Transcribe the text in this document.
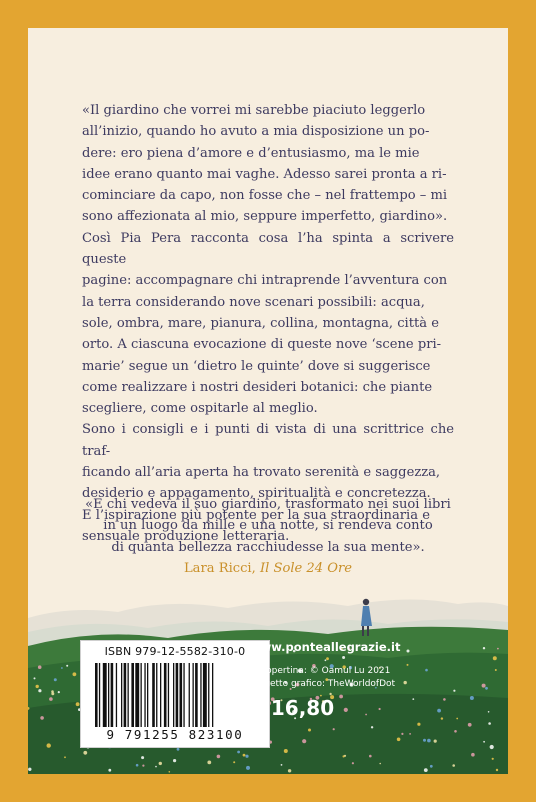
«Il giardino che vorrei mi sarebbe piaciuto leggerlo

all’inizio, quando ho avuto a mia disposizione un po-

dere: ero piena d’amore e d’entusiasmo, ma le mie

idee erano quanto mai vaghe. Adesso sarei pronta a ri-

cominciare da capo, non fosse che – nel frattempo – mi

sono affezionata al mio, seppure imperfetto, giardino».

Così Pia Pera racconta cosa l’ha spinta a scrivere queste

pagine: accompagnare chi intraprende l’avventura con

la terra considerando nove scenari possibili: acqua,

sole, ombra, mare, pianura, collina, montagna, città e

orto. A ciascuna evocazione di queste nove ‘scene pri-

marie’ segue un ‘dietro le quinte’ dove si suggerisce

come realizzare i nostri desideri botanici: che piante

scegliere, come ospitarle al meglio.

Sono i consigli e i punti di vista di una scrittrice che traf-

ficando all’aria aperta ha trovato serenità e saggezza,

desiderio e appagamento, spiritualità e concretezza.

E l’ispirazione più potente per la sua straordinaria e

sensuale produzione letteraria.

«E chi vedeva il suo giardino, trasformato nei suoi libri

in un luogo da mille e una notte, si rendeva conto

di quanta bellezza racchiudesse la sua mente».

Lara Ricci, Il Sole 24 Ore

ISBN 979-12-5582-310-0
9 791255 823100
www.ponteallegrazie.it
In copertina: © Oamul Lu 2021
Progetto grafico: TheWorldofDot
€ 16,80
